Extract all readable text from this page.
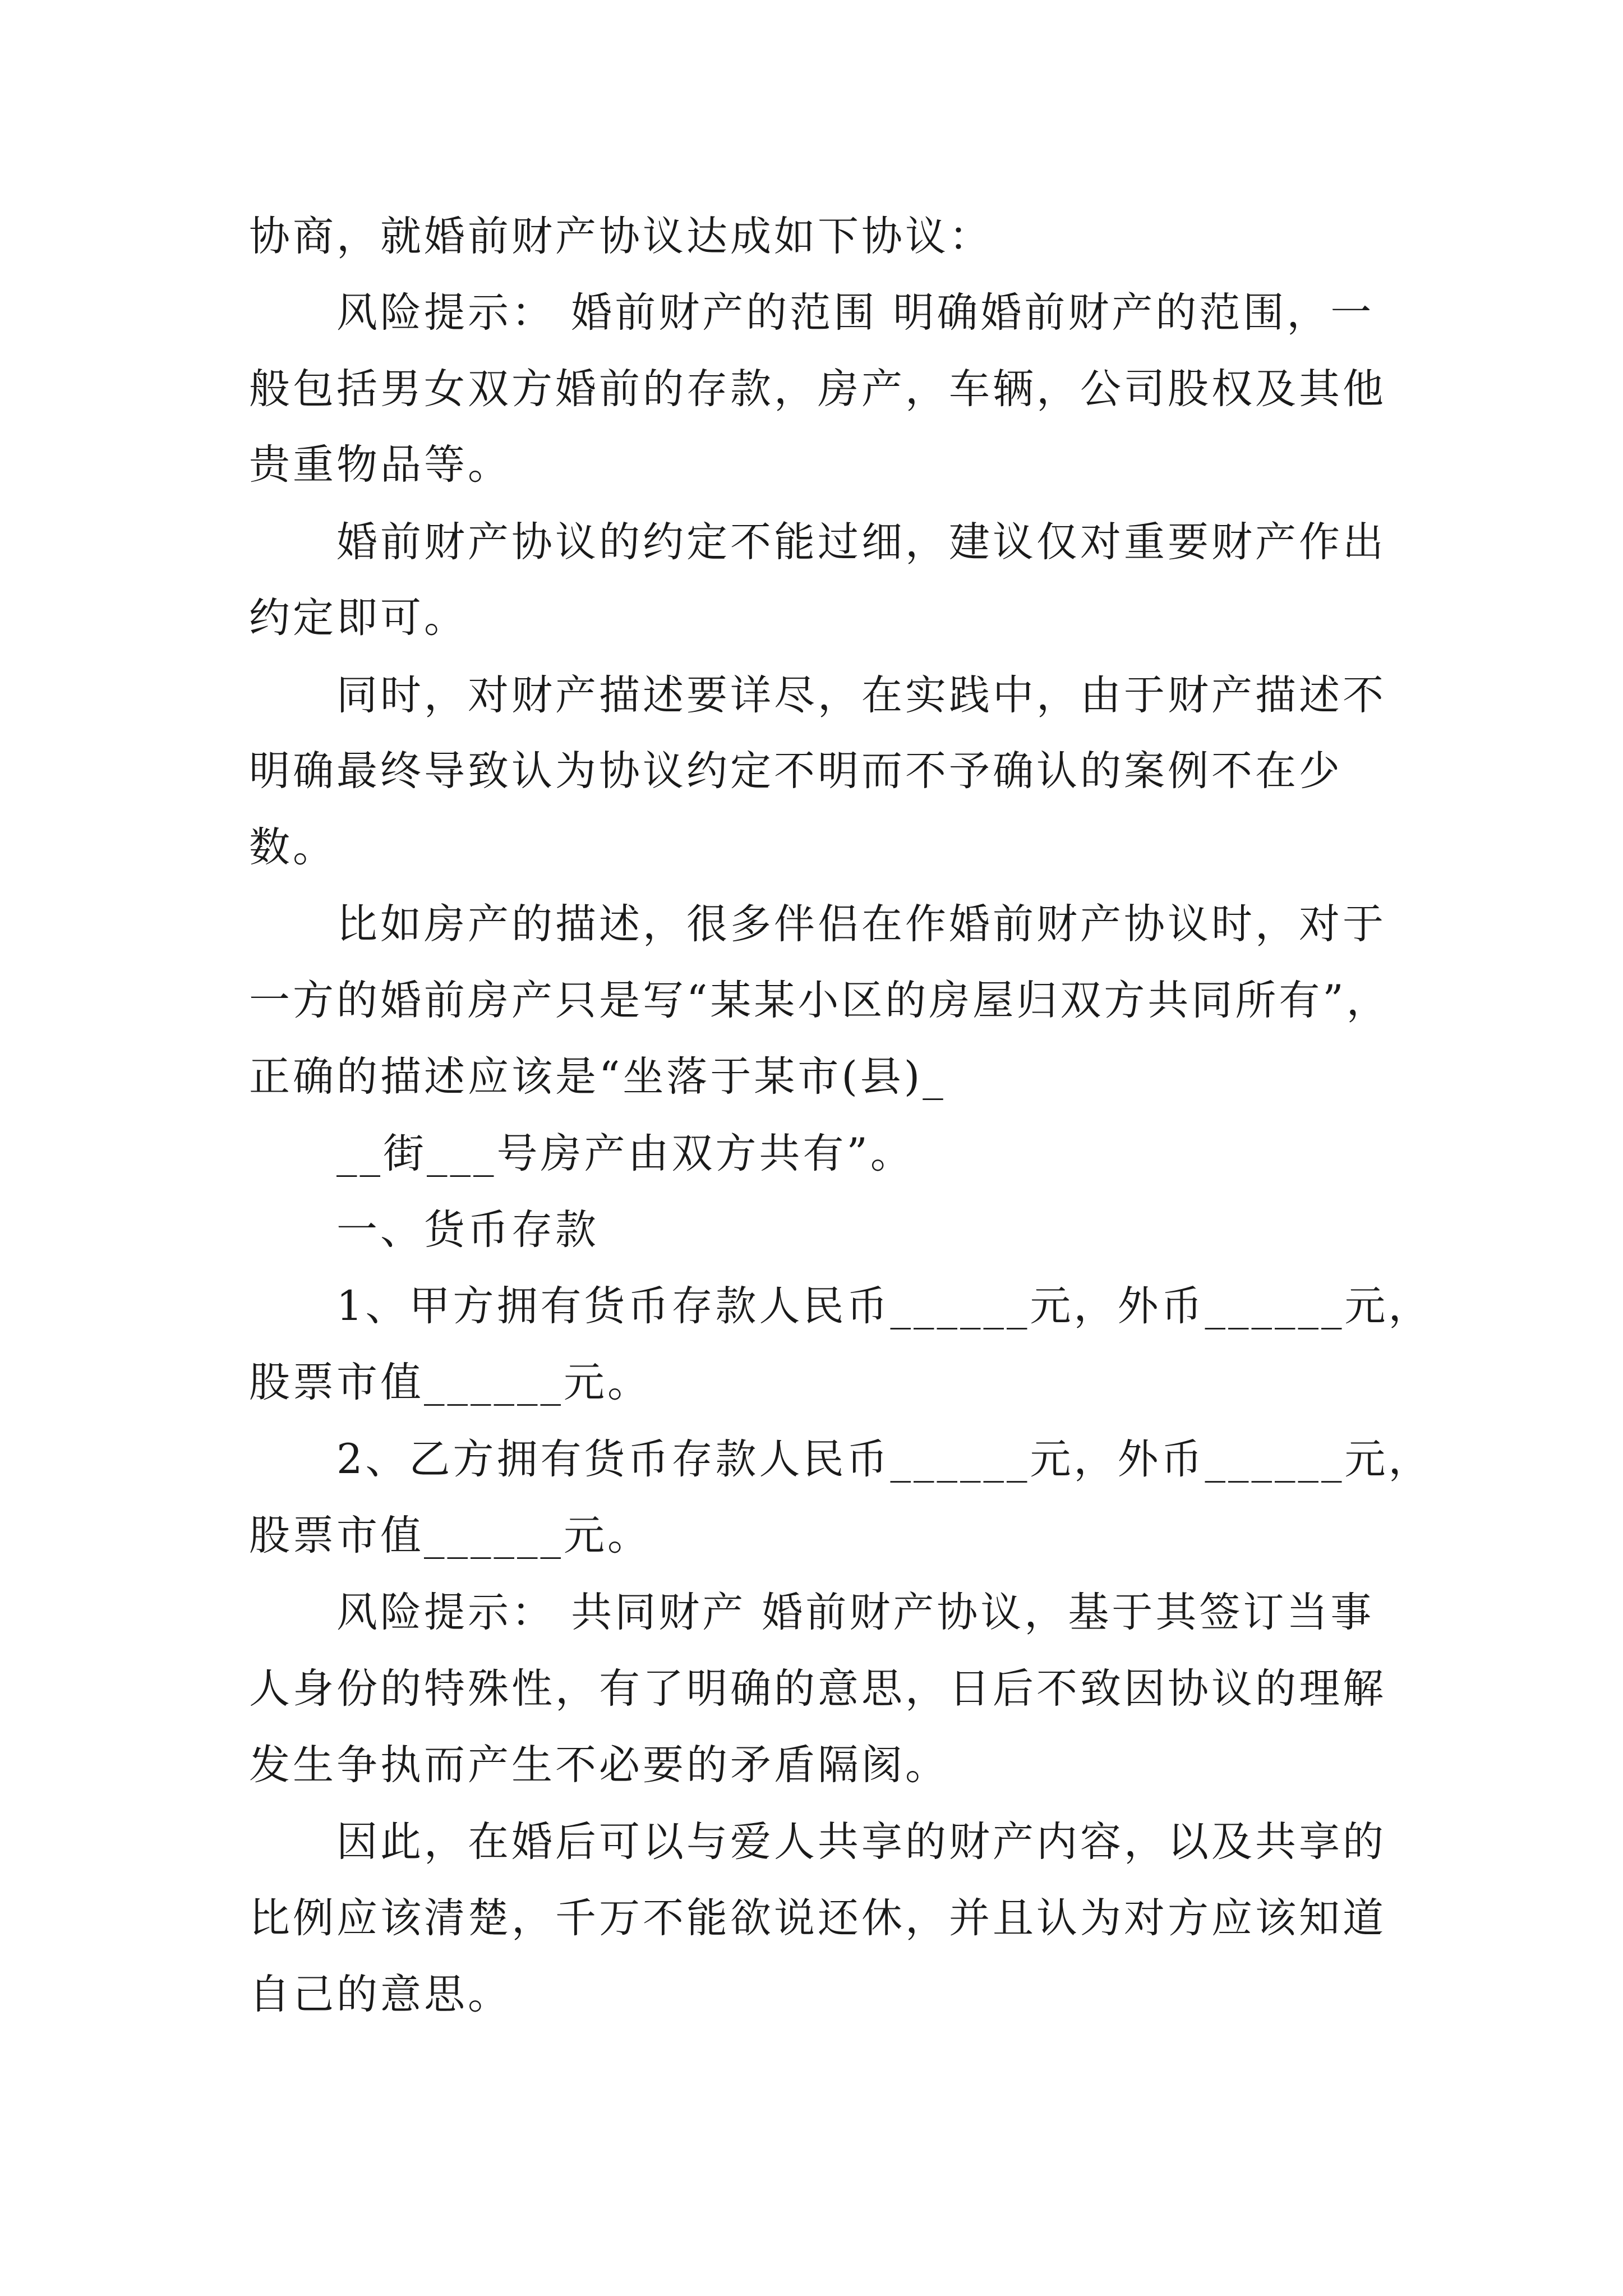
协商，就婚前财产协议达成如下协议：

风险提示： 婚前财产的范围 明确婚前财产的范围，一

般包括男女双方婚前的存款，房产，车辆，公司股权及其他

贵重物品等。

婚前财产协议的约定不能过细，建议仅对重要财产作出

约定即可。

同时，对财产描述要详尽，在实践中，由于财产描述不

明确最终导致认为协议约定不明而不予确认的案例不在少

数。

比如房产的描述，很多伴侣在作婚前财产协议时，对于

一方的婚前房产只是写“某某小区的房屋归双方共同所有”，

正确的描述应该是“坐落于某市(县)_

__街___号房产由双方共有”。

一、货币存款

1、甲方拥有货币存款人民币______元，外币______元，

股票市值______元。

2、乙方拥有货币存款人民币______元，外币______元，

股票市值______元。

风险提示： 共同财产 婚前财产协议，基于其签订当事

人身份的特殊性，有了明确的意思，日后不致因协议的理解

发生争执而产生不必要的矛盾隔阂。

因此，在婚后可以与爱人共享的财产内容，以及共享的

比例应该清楚，千万不能欲说还休，并且认为对方应该知道

自己的意思。
